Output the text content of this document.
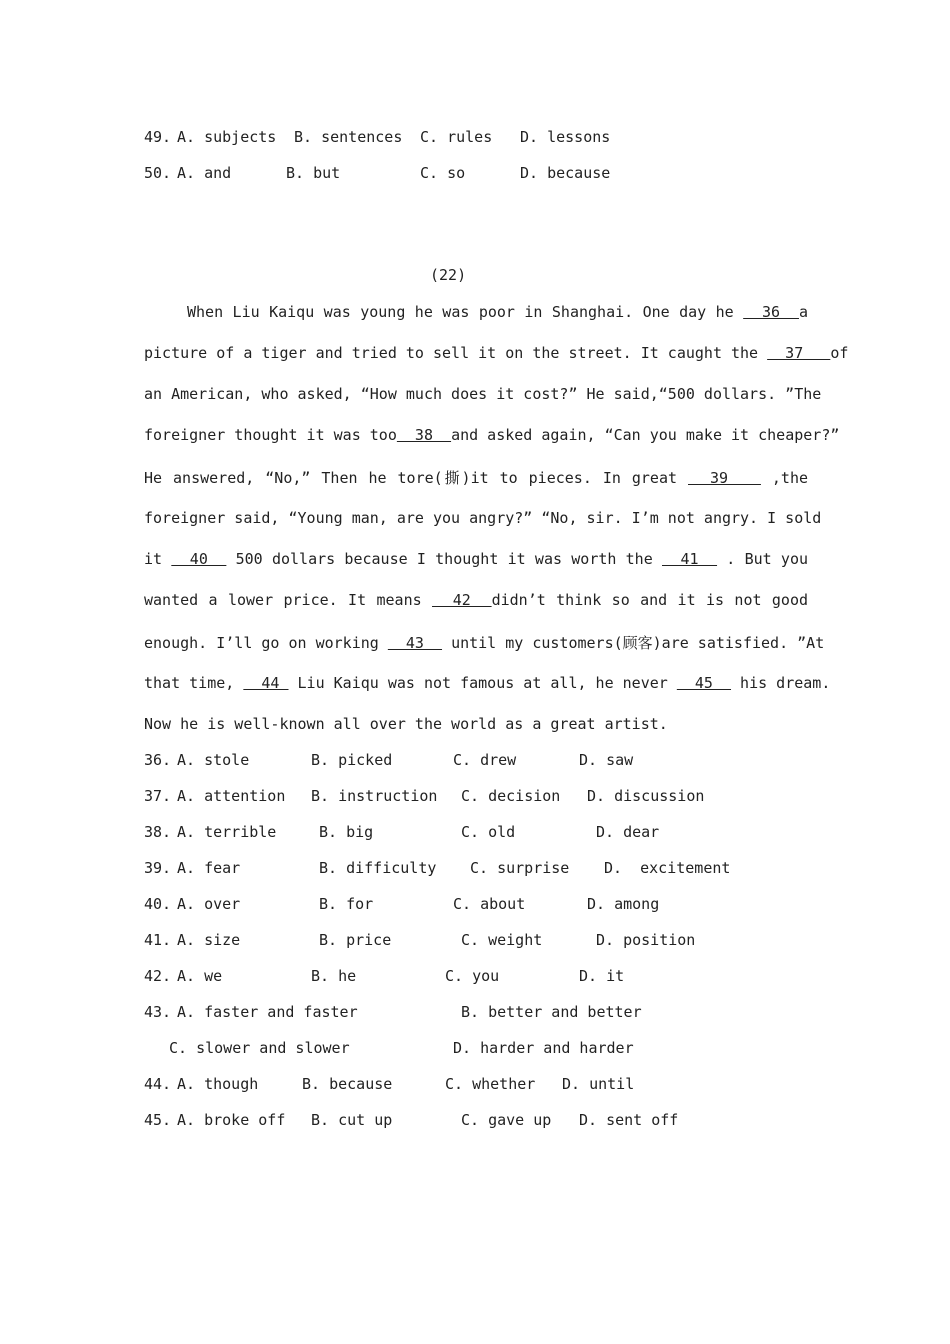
49. A. subjects B. sentences C. rules D. lessons
50. A. and	B. but	C. so	D. because
(22)
When Liu Kaiqu was young he was poor in Shanghai. One day he   36  a
picture of a tiger and tried to sell it on the street. It caught the   37   of
an American, who asked, “How much does it cost?” He said,“500 dollars. ”The
foreigner thought it was too  38  and asked again, “Can you make it cheaper?”
He answered, “No,” Then he tore(撕)it to pieces. In great   39    ,the
foreigner said, “Young man, are you angry?” “No, sir. I’m not angry. I sold
it   40   500 dollars because I thought it was worth the   41   . But you
wanted a lower price. It means   42  didn’t think so and it is not good
enough. I’ll go on working   43   until my customers(顾客)are satisfied. ”At
that time,   44  Liu Kaiqu was not famous at all, he never   45   his dream.
Now he is well-known all over the world as a great artist.
36. A. stole	B. picked	C. drew	D. saw
37. A. attention B. instruction C. decision D. discussion
38. A. terrible	B. big	C. old	D. dear
39. A. fear	B. difficulty C. surprise D.  excitement
40. A. over	B. for	C. about	D. among
41. A. size	B. price	C. weight	D. position
42. A. we	B. he	C. you	D. it
43. A. faster and faster	B. better and better
C. slower and slower	D. harder and harder
44. A. though	B. because	C. whether D. until
45. A. broke off B. cut up	C. gave up D. sent off
